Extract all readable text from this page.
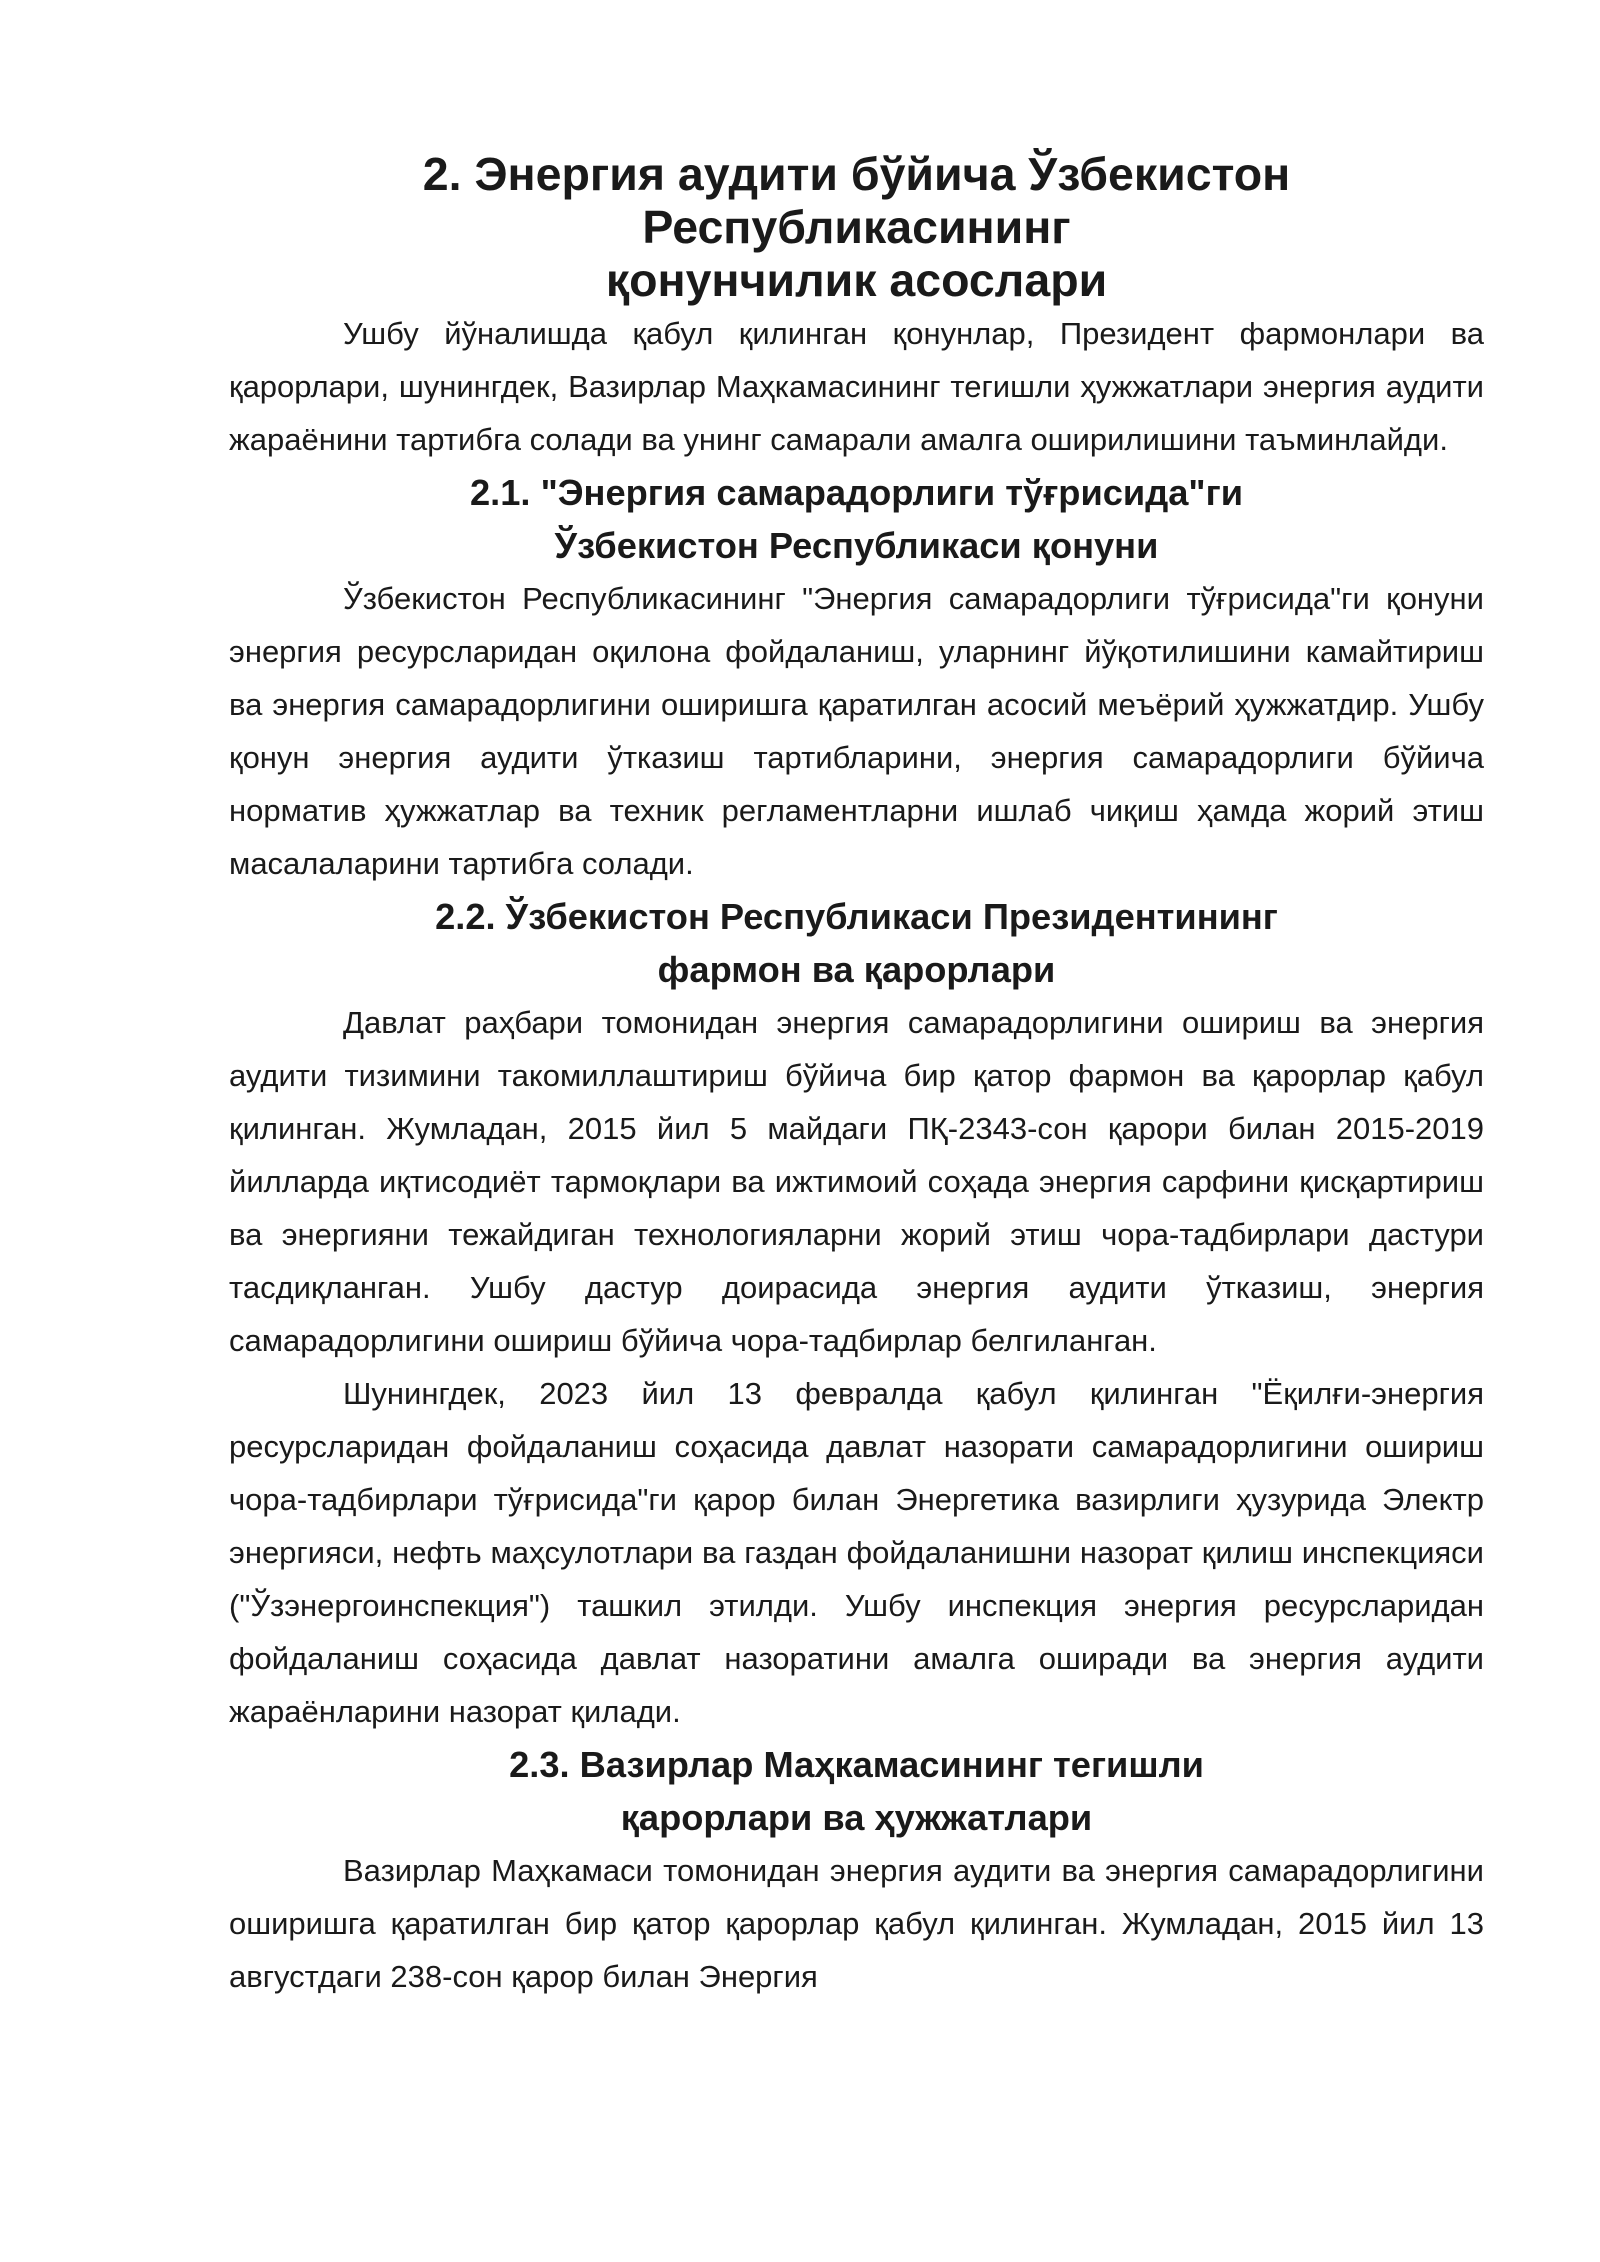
2. Энергия аудити бўйича Ўзбекистон Республикасининг
қонунчилик асослари

Ушбу йўналишда қабул қилинган қонунлар, Президент фармонлари ва қарорлари, шунингдек, Вазирлар Маҳкамасининг тегишли ҳужжатлари энергия аудити жараёнини тартибга солади ва унинг самарали амалга оширилишини таъминлайди.

2.1. "Энергия самарадорлиги тўғрисида"ги
Ўзбекистон Республикаси қонуни

Ўзбекистон Республикасининг "Энергия самарадорлиги тўғрисида"ги қонуни энергия ресурсларидан оқилона фойдаланиш, уларнинг йўқотилишини камайтириш ва энергия самарадорлигини оширишга қаратилган асосий меъёрий ҳужжатдир. Ушбу қонун энергия аудити ўтказиш тартибларини, энергия самарадорлиги бўйича норматив ҳужжатлар ва техник регламентларни ишлаб чиқиш ҳамда жорий этиш масалаларини тартибга солади.

2.2. Ўзбекистон Республикаси Президентининг
фармон ва қарорлари

Давлат раҳбари томонидан энергия самарадорлигини ошириш ва энергия аудити тизимини такомиллаштириш бўйича бир қатор фармон ва қарорлар қабул қилинган. Жумладан, 2015 йил 5 майдаги ПҚ-2343-сон қарори билан 2015-2019 йилларда иқтисодиёт тармоқлари ва ижтимоий соҳада энергия сарфини қисқартириш ва энергияни тежайдиган технологияларни жорий этиш чора-тадбирлари дастури тасдиқланган. Ушбу дастур доирасида энергия аудити ўтказиш, энергия самарадорлигини ошириш бўйича чора-тадбирлар белгиланган.

Шунингдек, 2023 йил 13 февралда қабул қилинган "Ёқилғи-энергия ресурсларидан фойдаланиш соҳасида давлат назорати самарадорлигини ошириш чора-тадбирлари тўғрисида"ги қарор билан Энергетика вазирлиги ҳузурида Электр энергияси, нефть маҳсулотлари ва газдан фойдаланишни назорат қилиш инспекцияси ("Ўзэнергоинспекция") ташкил этилди. Ушбу инспекция энергия ресурсларидан фойдаланиш соҳасида давлат назоратини амалга оширади ва энергия аудити жараёнларини назорат қилади.

2.3. Вазирлар Маҳкамасининг тегишли
қарорлари ва ҳужжатлари

Вазирлар Маҳкамаси томонидан энергия аудити ва энергия самарадорлигини оширишга қаратилган бир қатор қарорлар қабул қилинган. Жумладан, 2015 йил 13 августдаги 238-сон қарор билан Энергия
